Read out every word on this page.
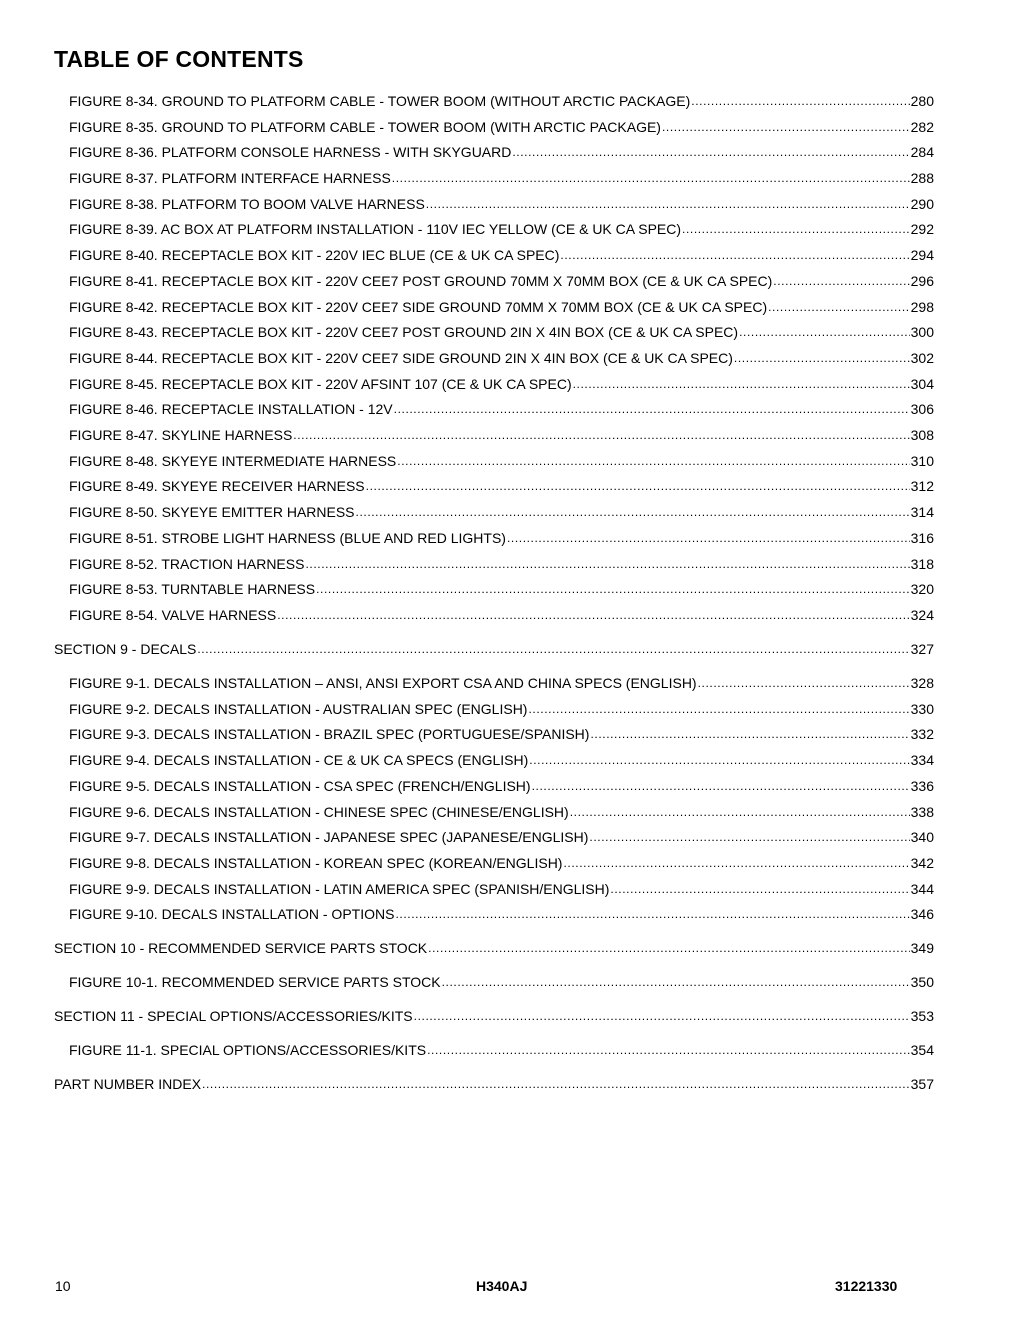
TABLE OF CONTENTS
FIGURE 8-34. GROUND TO PLATFORM CABLE - TOWER BOOM (WITHOUT ARCTIC PACKAGE) .....	280
FIGURE 8-35. GROUND TO PLATFORM CABLE - TOWER BOOM (WITH ARCTIC PACKAGE) .....	282
FIGURE 8-36. PLATFORM CONSOLE HARNESS - WITH SKYGUARD .....	284
FIGURE 8-37. PLATFORM INTERFACE HARNESS .....	288
FIGURE 8-38. PLATFORM TO BOOM VALVE HARNESS .....	290
FIGURE 8-39. AC BOX AT PLATFORM INSTALLATION - 110V IEC YELLOW (CE & UK CA SPEC) .....	292
FIGURE 8-40. RECEPTACLE BOX KIT - 220V IEC BLUE (CE & UK CA SPEC) .....	294
FIGURE 8-41. RECEPTACLE BOX KIT - 220V CEE7 POST GROUND 70MM X 70MM BOX (CE & UK CA SPEC) .....	296
FIGURE 8-42. RECEPTACLE BOX KIT - 220V CEE7 SIDE GROUND 70MM X 70MM BOX (CE & UK CA SPEC) .....	298
FIGURE 8-43. RECEPTACLE BOX KIT - 220V CEE7 POST GROUND 2IN X 4IN BOX (CE & UK CA SPEC) .....	300
FIGURE 8-44. RECEPTACLE BOX KIT - 220V CEE7 SIDE GROUND 2IN X 4IN BOX (CE & UK CA SPEC) .....	302
FIGURE 8-45. RECEPTACLE BOX KIT - 220V AFSINT 107 (CE & UK CA SPEC) .....	304
FIGURE 8-46. RECEPTACLE INSTALLATION - 12V .....	306
FIGURE 8-47. SKYLINE HARNESS .....	308
FIGURE 8-48. SKYEYE INTERMEDIATE HARNESS .....	310
FIGURE 8-49. SKYEYE RECEIVER HARNESS .....	312
FIGURE 8-50. SKYEYE EMITTER HARNESS .....	314
FIGURE 8-51. STROBE LIGHT HARNESS (BLUE AND RED LIGHTS) .....	316
FIGURE 8-52. TRACTION HARNESS .....	318
FIGURE 8-53. TURNTABLE HARNESS .....	320
FIGURE 8-54. VALVE HARNESS .....	324
SECTION 9 - DECALS .....	327
FIGURE 9-1. DECALS INSTALLATION – ANSI, ANSI EXPORT CSA AND CHINA SPECS (ENGLISH) .....	328
FIGURE 9-2. DECALS INSTALLATION - AUSTRALIAN SPEC (ENGLISH) .....	330
FIGURE 9-3. DECALS INSTALLATION - BRAZIL SPEC (PORTUGUESE/SPANISH) .....	332
FIGURE 9-4. DECALS INSTALLATION - CE & UK CA SPECS (ENGLISH) .....	334
FIGURE 9-5. DECALS INSTALLATION - CSA SPEC (FRENCH/ENGLISH) .....	336
FIGURE 9-6. DECALS INSTALLATION - CHINESE SPEC (CHINESE/ENGLISH) .....	338
FIGURE 9-7. DECALS INSTALLATION - JAPANESE SPEC (JAPANESE/ENGLISH) .....	340
FIGURE 9-8. DECALS INSTALLATION - KOREAN SPEC (KOREAN/ENGLISH) .....	342
FIGURE 9-9. DECALS INSTALLATION - LATIN AMERICA SPEC (SPANISH/ENGLISH) .....	344
FIGURE 9-10. DECALS INSTALLATION - OPTIONS .....	346
SECTION 10 - RECOMMENDED SERVICE PARTS STOCK .....	349
FIGURE 10-1. RECOMMENDED SERVICE PARTS STOCK .....	350
SECTION 11 - SPECIAL OPTIONS/ACCESSORIES/KITS .....	353
FIGURE 11-1. SPECIAL OPTIONS/ACCESSORIES/KITS .....	354
PART NUMBER INDEX .....	357
10	H340AJ	31221330
